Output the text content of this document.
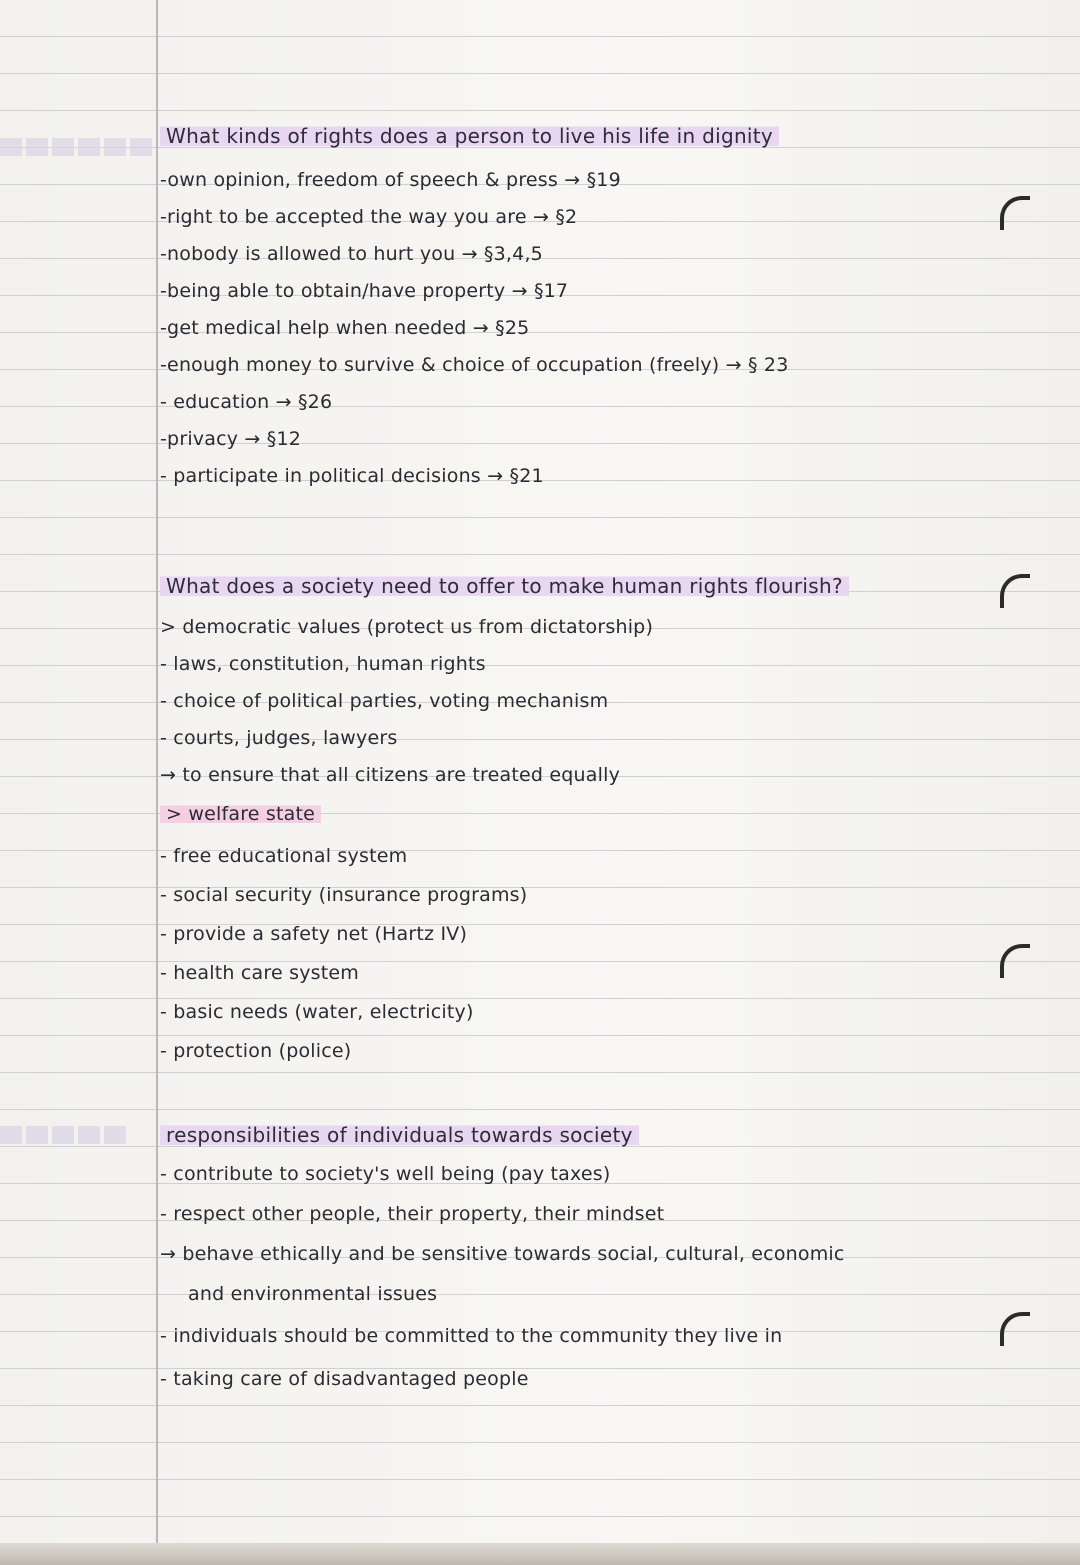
What kinds of rights does a person to live his life in dignity
-own opinion, freedom of speech & press → §19
-right to be accepted the way you are → §2
-nobody is allowed to hurt you → §3,4,5
-being able to obtain/have property → §17
-get medical help when needed → §25
-enough money to survive & choice of occupation (freely) → § 23
- education → §26
-privacy → §12
- participate in political decisions → §21
What does a society need to offer to make human rights flourish?
> democratic values (protect us from dictatorship)
- laws, constitution, human rights
- choice of political parties, voting mechanism
- courts, judges, lawyers
→ to ensure that all citizens are treated equally
> welfare state
- free educational system
- social security (insurance programs)
- provide a safety net (Hartz IV)
- health care system
- basic needs (water, electricity)
- protection (police)
responsibilities of individuals towards society
- contribute to society's well being (pay taxes)
- respect other people, their property, their mindset
→ behave ethically and be sensitive towards social, cultural, economic
and environmental issues
- individuals should be committed to the community they live in
- taking care of disadvantaged people
